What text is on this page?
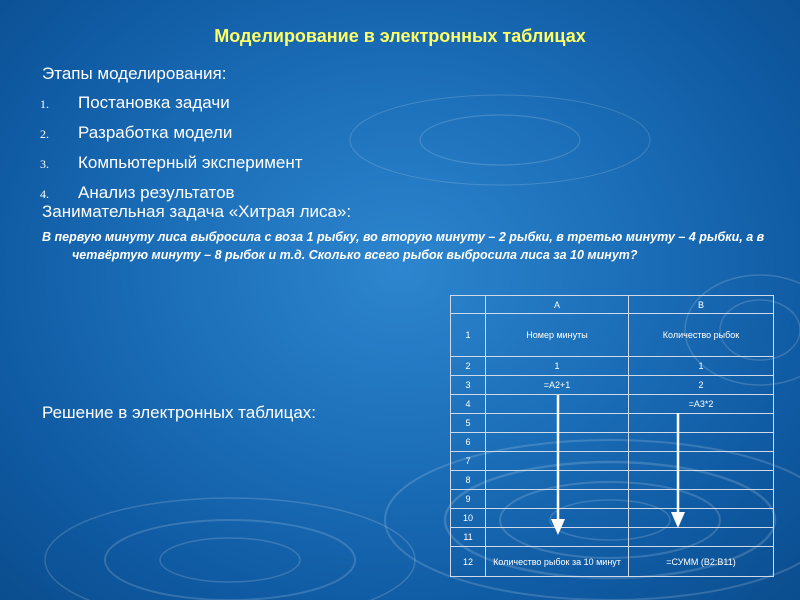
Моделирование в электронных таблицах
Этапы моделирования:
1. Постановка задачи
2. Разработка модели
3. Компьютерный эксперимент
4. Анализ результатов
Занимательная задача «Хитрая лиса»:
В первую минуту лиса выбросила с воза 1 рыбку, во вторую минуту – 2 рыбки, в третью минуту – 4 рыбки, а в четвёртую минуту – 8 рыбок и т.д. Сколько всего рыбок выбросила лиса за 10 минут?
Решение в электронных таблицах:
	A	B
1	Номер минуты	Количество рыбок
2	1	1
3	=A2+1	2
4		=A3*2
5		
6		
7		
8		
9		
10		
11		
12	Количество рыбок за 10 минут	=СУММ (B2:B11)
